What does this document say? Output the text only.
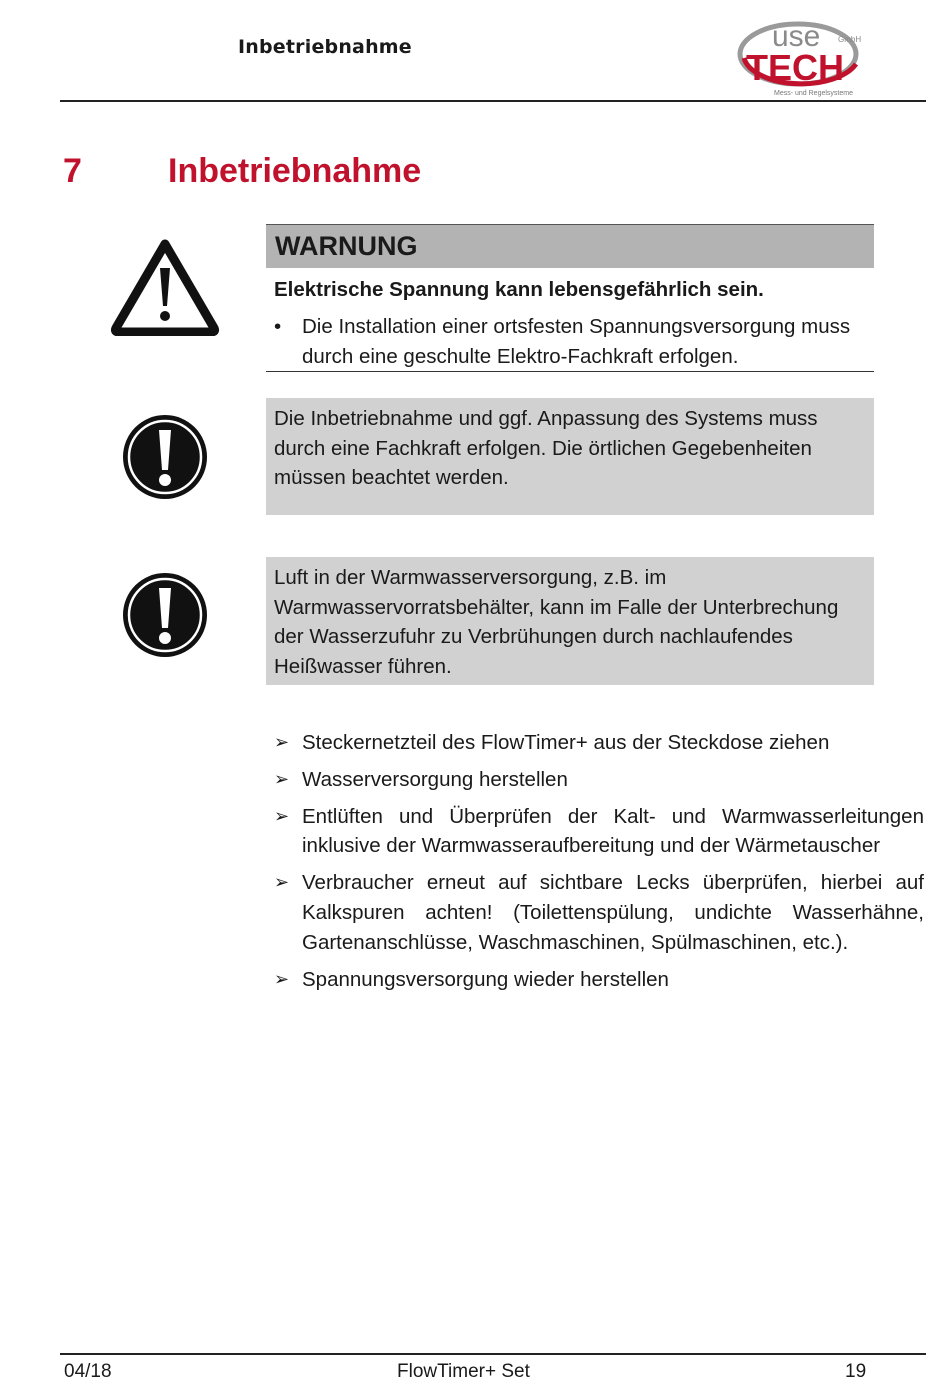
Inbetriebnahme	use GmbH
TECH
Mess- und Regelsysteme
7	Inbetriebnahme
WARNUNG
Elektrische Spannung kann lebensgefährlich sein.
• Die Installation einer ortsfesten Spannungsversorgung muss durch eine geschulte Elektro-Fachkraft erfolgen.
Die Inbetriebnahme und ggf. Anpassung des Systems muss durch eine Fachkraft erfolgen. Die örtlichen Gegebenheiten müssen beachtet werden.
Luft in der Warmwasserversorgung, z.B. im Warmwasservorratsbehälter, kann im Falle der Unterbrechung der Wasserzufuhr zu Verbrühungen durch nachlaufendes Heißwasser führen.
➢ Steckernetzteil des FlowTimer+ aus der Steckdose ziehen
➢ Wasserversorgung herstellen
➢ Entlüften und Überprüfen der Kalt- und Warmwasserleitungen inklusive der Warmwasseraufbereitung und der Wärmetauscher
➢ Verbraucher erneut auf sichtbare Lecks überprüfen, hierbei auf Kalkspuren achten! (Toilettenspülung, undichte Wasserhähne, Gartenanschlüsse, Waschmaschinen, Spülmaschinen, etc.).
➢ Spannungsversorgung wieder herstellen
04/18	FlowTimer+ Set	19
